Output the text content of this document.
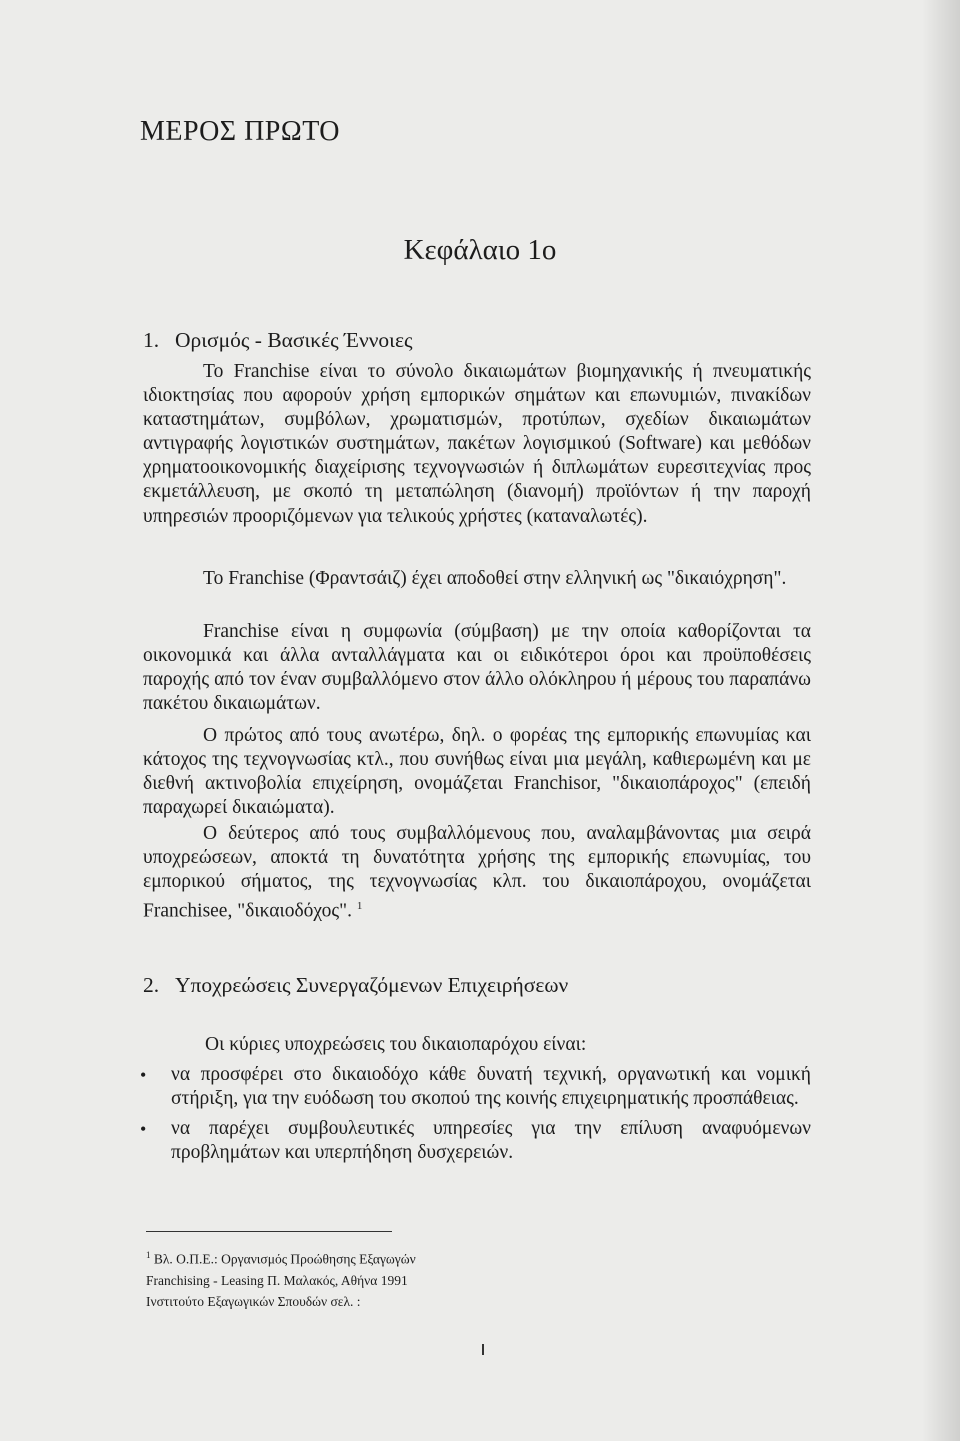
ΜΕΡΟΣ ΠΡΩΤΟ
Κεφάλαιο 1ο
1. Ορισμός - Βασικές Έννοιες
Το Franchise είναι το σύνολο δικαιωμάτων βιομηχανικής ή πνευματικής ιδιοκτησίας που αφορούν χρήση εμπορικών σημάτων και επωνυμιών, πινακίδων καταστημάτων, συμβόλων, χρωματισμών, προτύπων, σχεδίων δικαιωμάτων αντιγραφής λογιστικών συστημάτων, πακέτων λογισμικού (Software) και μεθόδων χρηματοοικονομικής διαχείρισης τεχνογνωσιών ή διπλωμάτων ευρεσιτεχνίας προς εκμετάλλευση, με σκοπό τη μεταπώληση (διανομή) προϊόντων ή την παροχή υπηρεσιών προοριζόμενων για τελικούς χρήστες (καταναλωτές).
Το Franchise (Φραντσάιζ) έχει αποδοθεί στην ελληνική ως "δικαιόχρηση".
Franchise είναι η συμφωνία (σύμβαση) με την οποία καθορίζονται τα οικονομικά και άλλα ανταλλάγματα και οι ειδικότεροι όροι και προϋποθέσεις παροχής από τον έναν συμβαλλόμενο στον άλλο ολόκληρου ή μέρους του παραπάνω πακέτου δικαιωμάτων.
Ο πρώτος από τους ανωτέρω, δηλ. ο φορέας της εμπορικής επωνυμίας και κάτοχος της τεχνογνωσίας κτλ., που συνήθως είναι μια μεγάλη, καθιερωμένη και με διεθνή ακτινοβολία επιχείρηση, ονομάζεται Franchisor, "δικαιοπάροχος" (επειδή παραχωρεί δικαιώματα).
Ο δεύτερος από τους συμβαλλόμενους που, αναλαμβάνοντας μια σειρά υποχρεώσεων, αποκτά τη δυνατότητα χρήσης της εμπορικής επωνυμίας, του εμπορικού σήματος, της τεχνογνωσίας κλπ. του δικαιοπάροχου, ονομάζεται Franchisee, "δικαιοδόχος". $^1$
2. Υποχρεώσεις Συνεργαζόμενων Επιχειρήσεων
Οι κύριες υποχρεώσεις του δικαιοπαρόχου είναι:
• να προσφέρει στο δικαιοδόχο κάθε δυνατή τεχνική, οργανωτική και νομική στήριξη, για την ευόδωση του σκοπού της κοινής επιχειρηματικής προσπάθειας.
• να παρέχει συμβουλευτικές υπηρεσίες για την επίλυση αναφυόμενων προβλημάτων και υπερπήδηση δυσχερειών.
$^1$ Βλ. Ο.Π.Ε.: Οργανισμός Προώθησης Εξαγωγών
Franchising - Leasing Π. Μαλακός, Αθήνα 1991
Ινστιτούτο Εξαγωγικών Σπουδών σελ. :
